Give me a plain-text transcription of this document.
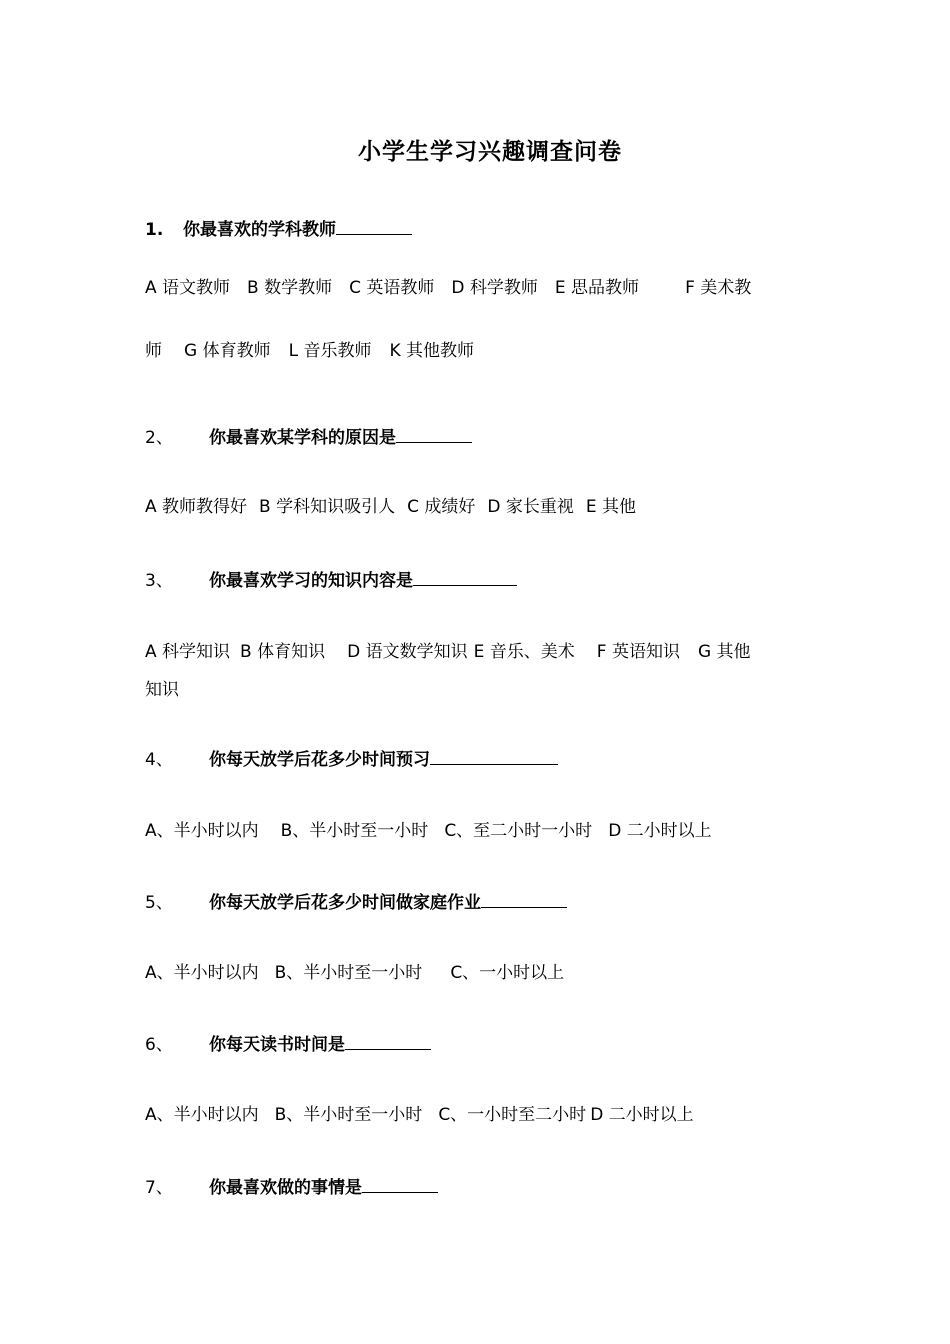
小学生学习兴趣调查问卷
1. 你最喜欢的学科教师
A 语文教师 B 数学教师 C 英语教师 D 科学教师 E 思品教师	F 美术教
师 G 体育教师 L 音乐教师 K 其他教师
2、 你最喜欢某学科的原因是
A 教师教得好 B 学科知识吸引人 C 成绩好 D 家长重视 E 其他
3、 你最喜欢学习的知识内容是
A 科学知识 B 体育知识 D 语文数学知识 E 音乐、美术 F 英语知识 G 其他
知识
4、 你每天放学后花多少时间预习
A、半小时以内 B、半小时至一小时 C、至二小时一小时 D 二小时以上
5、 你每天放学后花多少时间做家庭作业
A、半小时以内 B、半小时至一小时 C、一小时以上
6、 你每天读书时间是
A、半小时以内 B、半小时至一小时 C、一小时至二小时 D 二小时以上
7、 你最喜欢做的事情是
